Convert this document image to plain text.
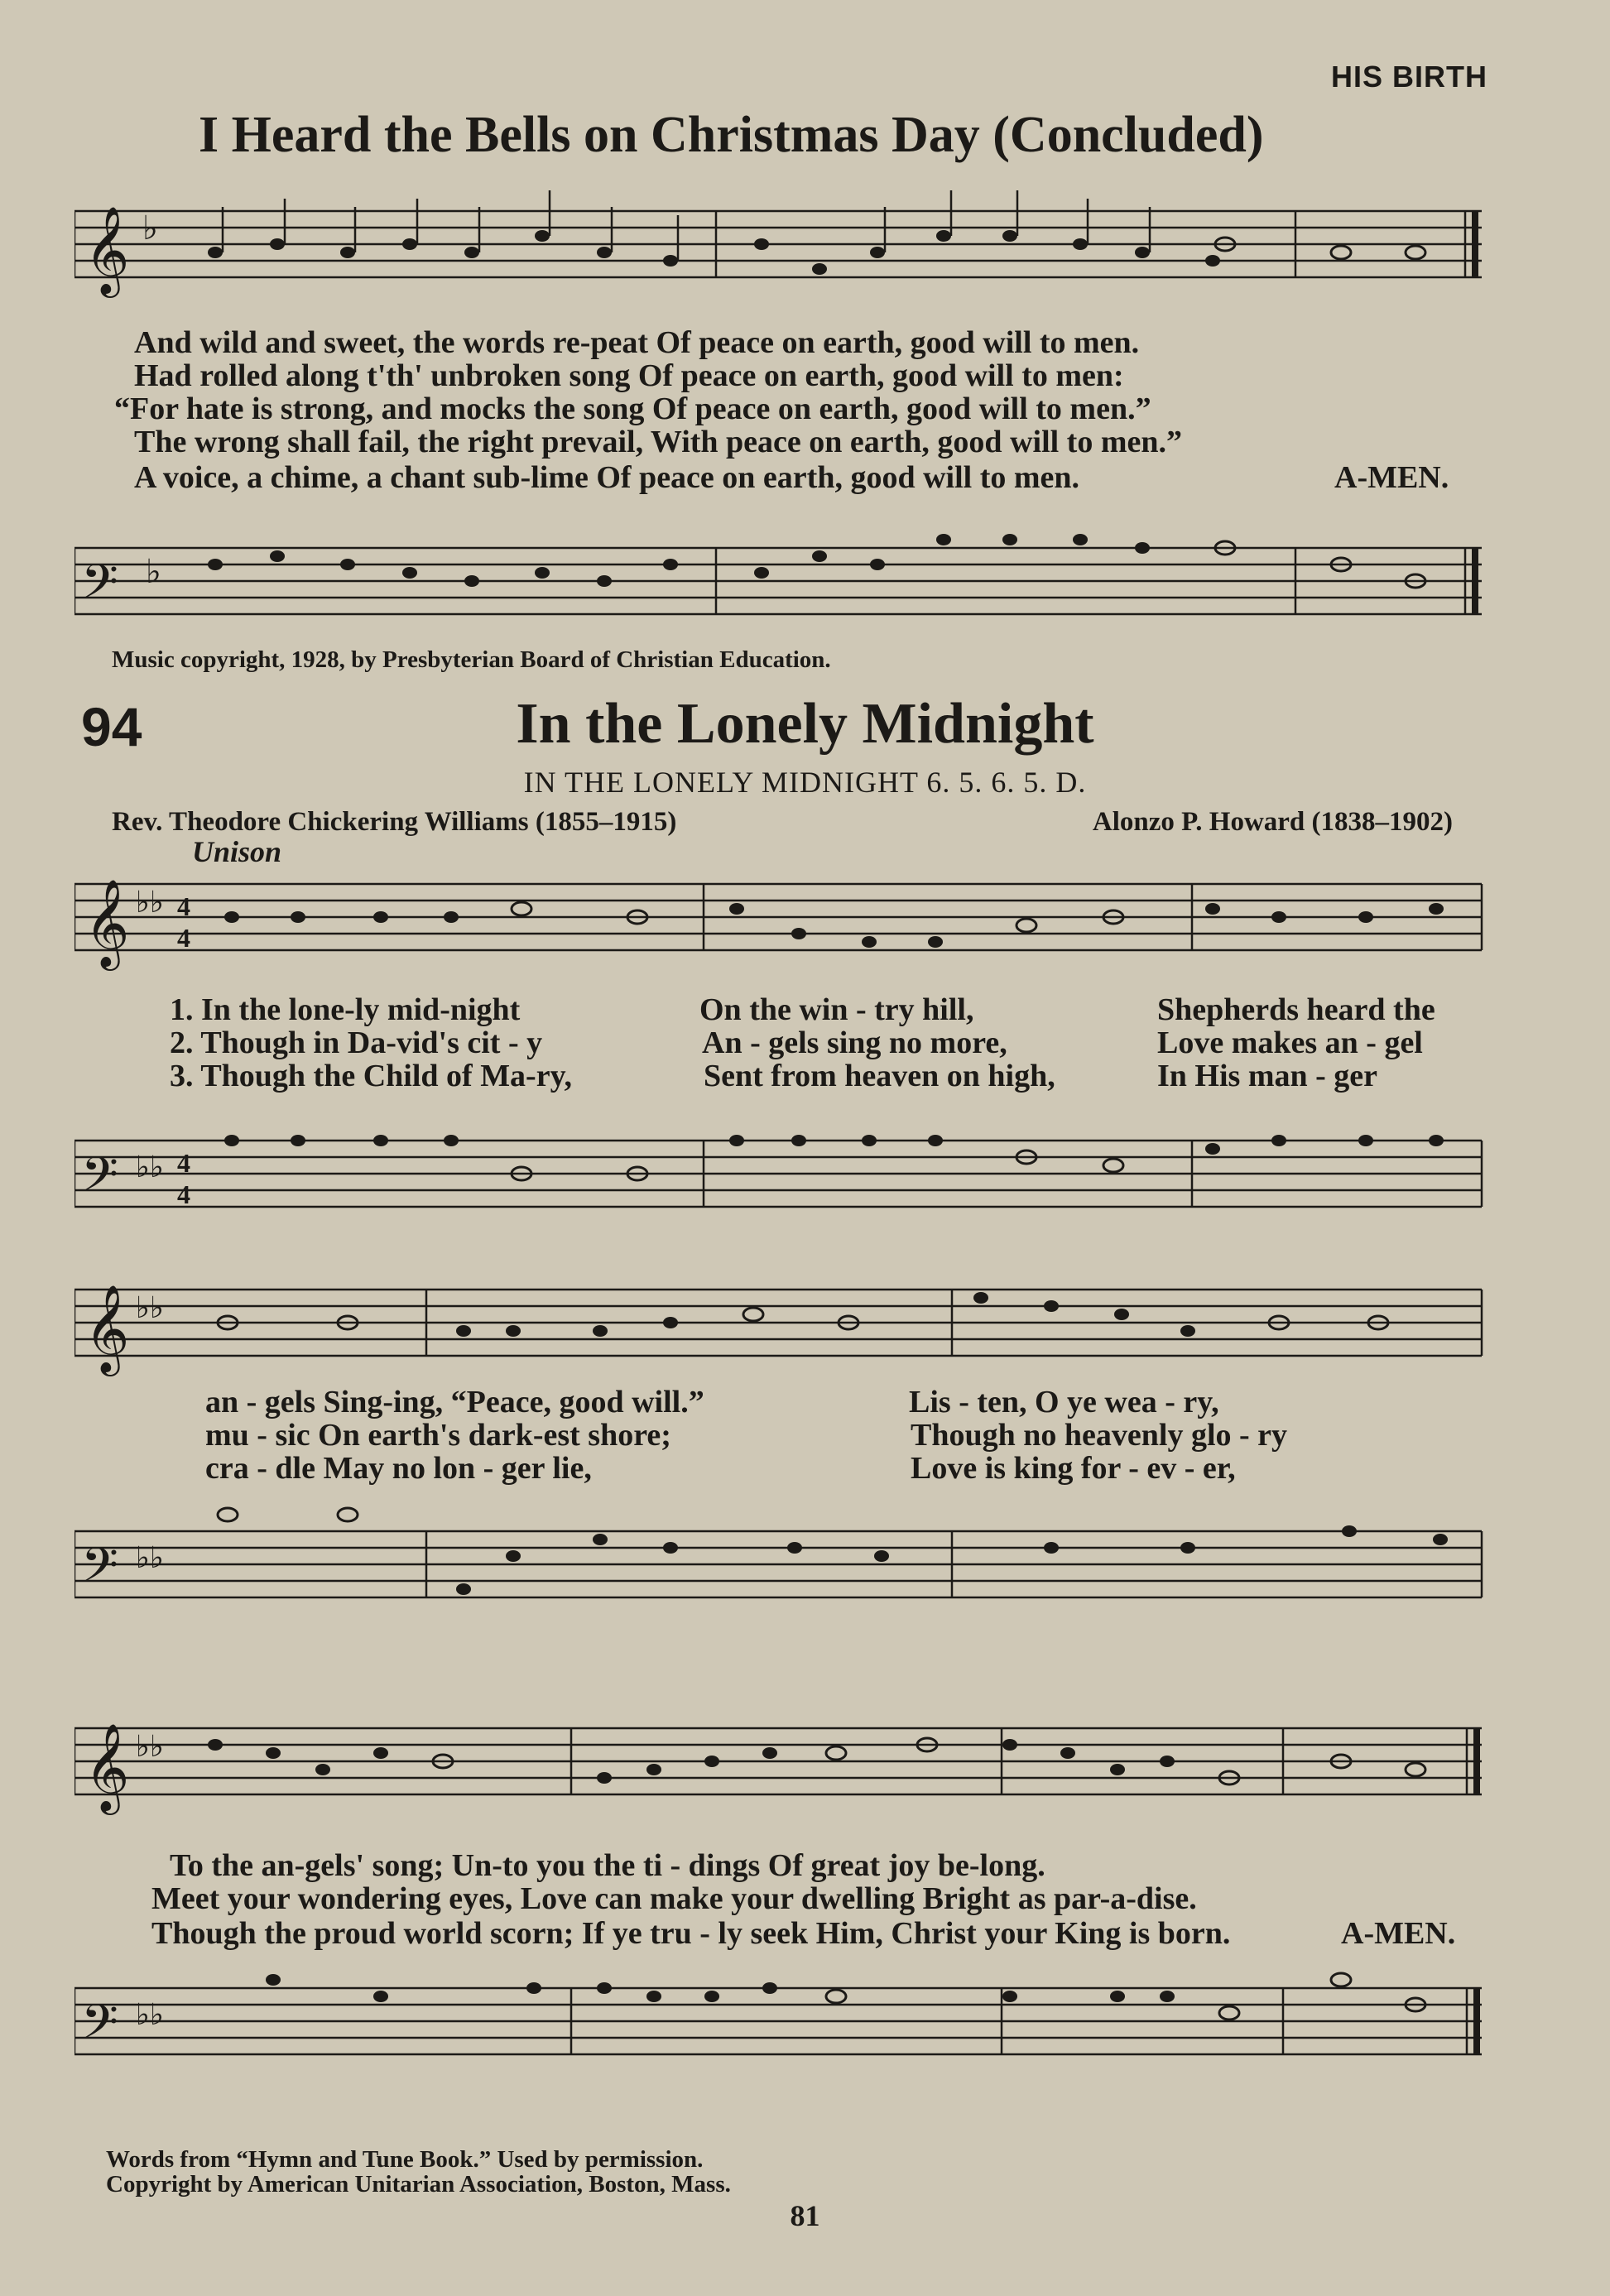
HIS BIRTH
I Heard the Bells on Christmas Day (Concluded)
𝄞 ♭
And wild and sweet, the words re-peat Of peace on earth, good will to men.
Had rolled along t'th' unbroken song Of peace on earth, good will to men:
“For hate is strong, and mocks the song Of peace on earth, good will to men.”
The wrong shall fail, the right prevail, With peace on earth, good will to men.”
A voice, a chime, a chant sub-lime Of peace on earth, good will to men.	A-MEN.
𝄢 ♭
Music copyright, 1928, by Presbyterian Board of Christian Education.
94	In the Lonely Midnight
IN THE LONELY MIDNIGHT 6. 5. 6. 5. D.
Rev. Theodore Chickering Williams (1855–1915)	Alonzo P. Howard (1838–1902)
Unison
𝄞 ♭♭ 4
4
1. In the lone-ly mid-night	On the win - try hill,	Shepherds heard the
2. Though in Da-vid's cit - y	An - gels sing no more,	Love makes an - gel
3. Though the Child of Ma-ry,	Sent from heaven on high,	In His man - ger
𝄢 ♭♭ 4
4
𝄞 ♭♭
an - gels Sing-ing, “Peace, good will.”	Lis - ten, O ye wea - ry,
mu - sic On earth's dark-est shore;	Though no heavenly glo - ry
cra - dle May no lon - ger lie,	Love is king for - ev - er,
𝄢 ♭♭
𝄞 ♭♭
To the an-gels' song; Un-to you the ti - dings Of great joy be-long.
Meet your wondering eyes, Love can make your dwelling Bright as par-a-dise.
Though the proud world scorn; If ye tru - ly seek Him, Christ your King is born.	A-MEN.
𝄢 ♭♭
Words from “Hymn and Tune Book.” Used by permission.
Copyright by American Unitarian Association, Boston, Mass.
81
